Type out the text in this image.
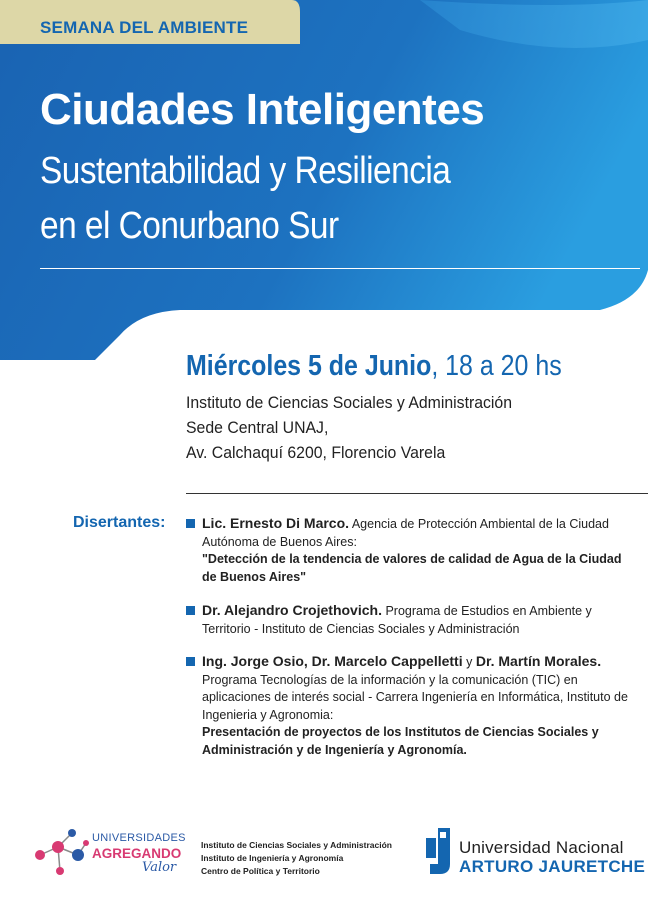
SEMANA DEL AMBIENTE
Ciudades Inteligentes
Sustentabilidad y Resiliencia
en el Conurbano Sur
Miércoles 5 de Junio, 18 a 20 hs
Instituto de Ciencias Sociales y Administración
Sede Central UNAJ,
Av. Calchaquí 6200, Florencio Varela
Disertantes:	Lic. Ernesto Di Marco. Agencia de Protección Ambiental de la Ciudad Autónoma de Buenos Aires:
"Detección de la tendencia de valores de calidad de Agua de la Ciudad de Buenos Aires"
Dr. Alejandro Crojethovich. Programa de Estudios en Ambiente y Territorio - Instituto de Ciencias Sociales y Administración
Ing. Jorge Osio, Dr. Marcelo Cappelletti y Dr. Martín Morales.
Programa Tecnologías de la información y la comunicación (TIC) en aplicaciones de interés social - Carrera Ingeniería en Informática, Instituto de Ingenieria y Agronomia:
Presentación de proyectos de los Institutos de Ciencias Sociales y Administración y de Ingeniería y Agronomía.
UNIVERSIDADES
AGREGANDO
Valor
Instituto de Ciencias Sociales y Administración
Instituto de Ingeniería y Agronomía
Centro de Política y Territorio
Universidad Nacional
ARTURO JAURETCHE
